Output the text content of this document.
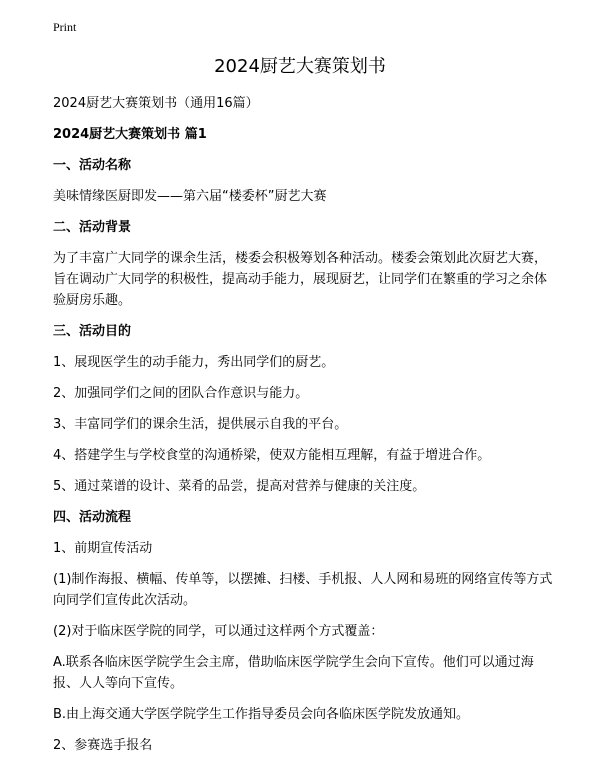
Print
2024厨艺大赛策划书

2024厨艺大赛策划书（通用16篇）

2024厨艺大赛策划书 篇1

一、活动名称

美味情缘医厨即发——第六届“楼委杯”厨艺大赛

二、活动背景

为了丰富广大同学的课余生活，楼委会积极筹划各种活动。楼委会策划此次厨艺大赛，旨在调动广大同学的积极性，提高动手能力，展现厨艺，让同学们在繁重的学习之余体验厨房乐趣。

三、活动目的

1、展现医学生的动手能力，秀出同学们的厨艺。

2、加强同学们之间的团队合作意识与能力。

3、丰富同学们的课余生活，提供展示自我的平台。

4、搭建学生与学校食堂的沟通桥梁，使双方能相互理解，有益于增进合作。

5、通过菜谱的设计、菜肴的品尝，提高对营养与健康的关注度。

四、活动流程

1、前期宣传活动

(1)制作海报、横幅、传单等，以摆摊、扫楼、手机报、人人网和易班的网络宣传等方式向同学们宣传此次活动。

(2)对于临床医学院的同学，可以通过这样两个方式覆盖：

A.联系各临床医学院学生会主席，借助临床医学院学生会向下宣传。他们可以通过海报、人人等向下宣传。

B.由上海交通大学医学院学生工作指导委员会向各临床医学院发放通知。

2、参赛选手报名
